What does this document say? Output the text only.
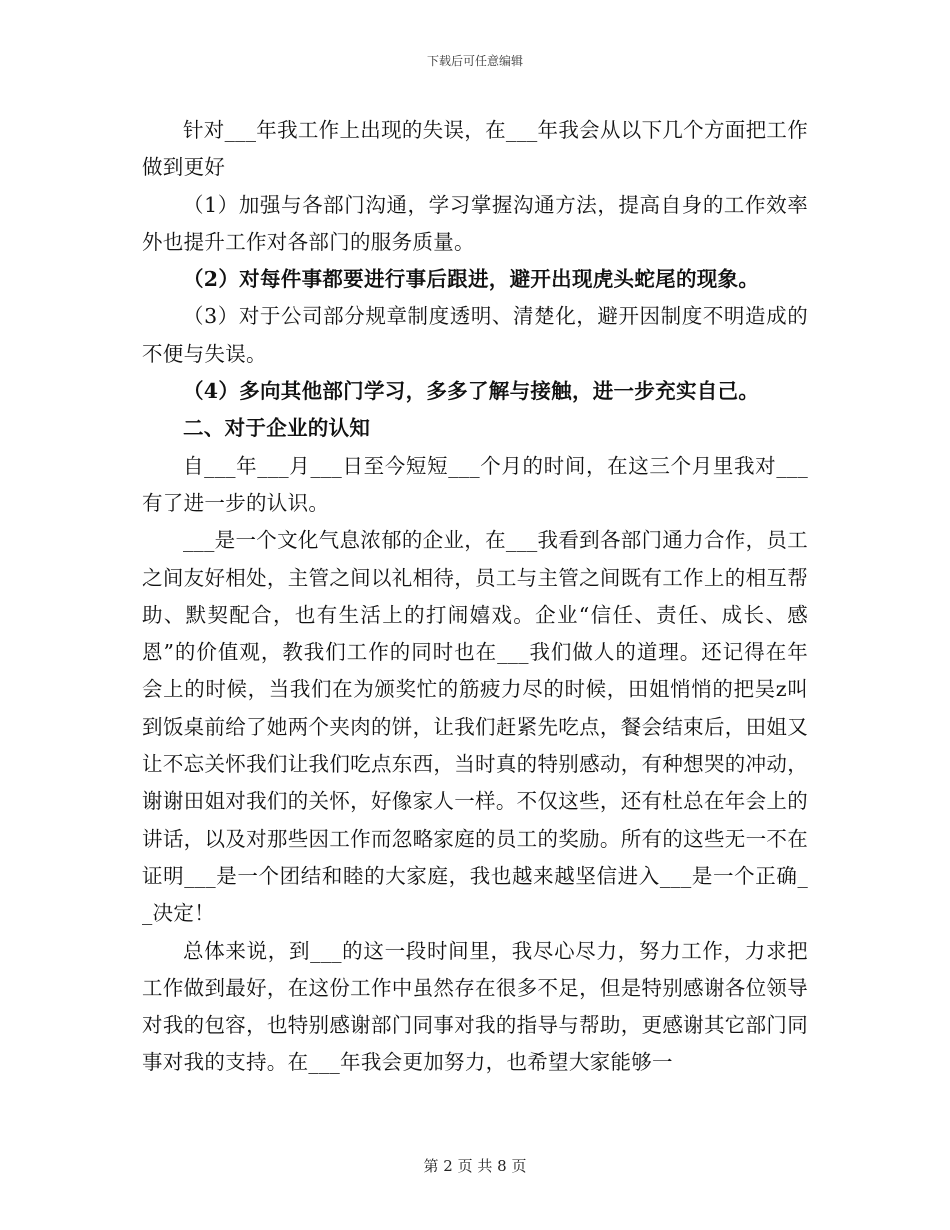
下载后可任意编辑

针对___年我工作上出现的失误，在___年我会从以下几个方面把工作做到更好

（1）加强与各部门沟通，学习掌握沟通方法，提高自身的工作效率外也提升工作对各部门的服务质量。

（2）对每件事都要进行事后跟进，避开出现虎头蛇尾的现象。

（3）对于公司部分规章制度透明、清楚化，避开因制度不明造成的不便与失误。

（4）多向其他部门学习，多多了解与接触，进一步充实自己。

二、对于企业的认知

自___年___月___日至今短短___个月的时间，在这三个月里我对___有了进一步的认识。

___是一个文化气息浓郁的企业，在___我看到各部门通力合作，员工之间友好相处，主管之间以礼相待，员工与主管之间既有工作上的相互帮助、默契配合，也有生活上的打闹嬉戏。企业“信任、责任、成长、感恩”的价值观，教我们工作的同时也在___我们做人的道理。还记得在年会上的时候，当我们在为颁奖忙的筋疲力尽的时候，田姐悄悄的把吴z叫到饭桌前给了她两个夹肉的饼，让我们赶紧先吃点，餐会结束后，田姐又让不忘关怀我们让我们吃点东西，当时真的特别感动，有种想哭的冲动，谢谢田姐对我们的关怀，好像家人一样。不仅这些，还有杜总在年会上的讲话，以及对那些因工作而忽略家庭的员工的奖励。所有的这些无一不在证明___是一个团结和睦的大家庭，我也越来越坚信进入___是一个正确__决定！

总体来说，到___的这一段时间里，我尽心尽力，努力工作，力求把工作做到最好，在这份工作中虽然存在很多不足，但是特别感谢各位领导对我的包容，也特别感谢部门同事对我的指导与帮助，更感谢其它部门同事对我的支持。在___年我会更加努力，也希望大家能够一

第 2 页 共 8 页
